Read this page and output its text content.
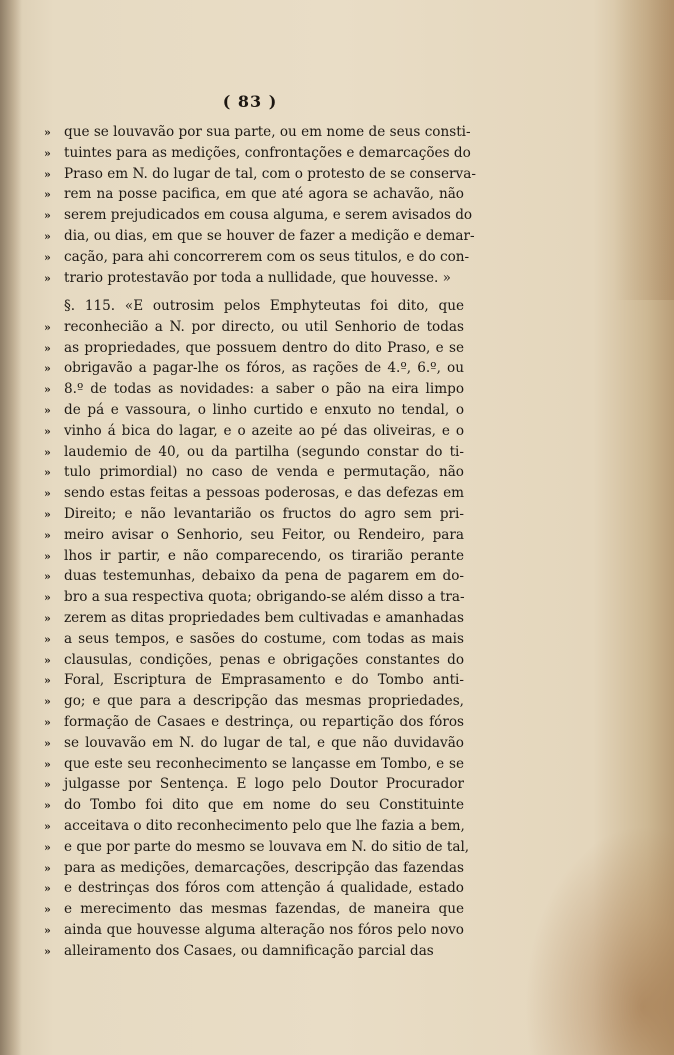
( 83 )
» que se louvavão por sua parte, ou em nome de seus consti-
» tuintes para as medições, confrontações e demarcações do
» Praso em N. do lugar de tal, com o protesto de se conserva-
» rem na posse pacifica, em que até agora se achavão, não
» serem prejudicados em cousa alguma, e serem avisados do
» dia, ou dias, em que se houver de fazer a medição e demar-
» cação, para ahi concorrerem com os seus titulos, e do con-
» trario protestavão por toda a nullidade, que houvesse. »
§. 115. «E outrosim pelos Emphyteutas foi dito, que
» reconhecião a N. por directo, ou util Senhorio de todas
» as propriedades, que possuem dentro do dito Praso, e se
» obrigavão a pagar-lhe os fóros, as rações de 4.º, 6.º, ou
» 8.º de todas as novidades: a saber o pão na eira limpo
» de pá e vassoura, o linho curtido e enxuto no tendal, o
» vinho á bica do lagar, e o azeite ao pé das oliveiras, e o
» laudemio de 40, ou da partilha (segundo constar do ti-
» tulo primordial) no caso de venda e permutação, não
» sendo estas feitas a pessoas poderosas, e das defezas em
» Direito; e não levantarião os fructos do agro sem pri-
» meiro avisar o Senhorio, seu Feitor, ou Rendeiro, para
» lhos ir partir, e não comparecendo, os tirarião perante
» duas testemunhas, debaixo da pena de pagarem em do-
» bro a sua respectiva quota; obrigando-se além disso a tra-
» zerem as ditas propriedades bem cultivadas e amanhadas
» a seus tempos, e sasões do costume, com todas as mais
» clausulas, condições, penas e obrigações constantes do
» Foral, Escriptura de Emprasamento e do Tombo anti-
» go; e que para a descripção das mesmas propriedades,
» formação de Casaes e destrinça, ou repartição dos fóros
» se louvavão em N. do lugar de tal, e que não duvidavão
» que este seu reconhecimento se lançasse em Tombo, e se
» julgasse por Sentença. E logo pelo Doutor Procurador
» do Tombo foi dito que em nome do seu Constituinte
» acceitava o dito reconhecimento pelo que lhe fazia a bem,
» e que por parte do mesmo se louvava em N. do sitio de tal,
» para as medições, demarcações, descripção das fazendas
» e destrinças dos fóros com attenção á qualidade, estado
» e merecimento das mesmas fazendas, de maneira que
» ainda que houvesse alguma alteração nos fóros pelo novo
» alleiramento dos Casaes, ou damnificação parcial das
